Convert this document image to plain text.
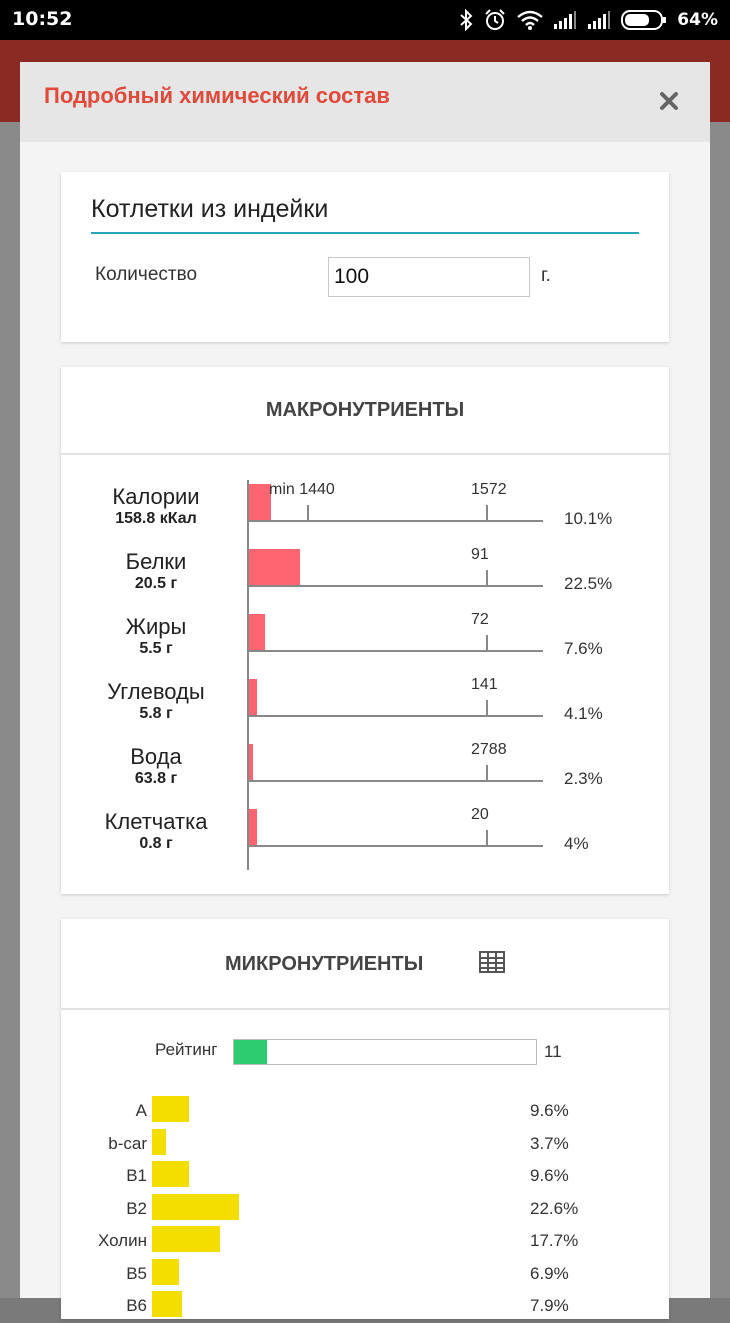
10:52	64%
Подробный химический состав
Котлетки из индейки
Количество
100	г.
МАКРОНУТРИЕНТЫ
Калории
158.8 кКал
min 1440	1572
10.1%
Белки
20.5 г
91
22.5%
Жиры
5.5 г
72
7.6%
Углеводы
5.8 г
141
4.1%
Вода
63.8 г
2788
2.3%
Клетчатка
0.8 г
20
4%
МИКРОНУТРИЕНТЫ
Рейтинг	11
A	9.6%
b-car	3.7%
B1	9.6%
B2	22.6%
Холин	17.7%
B5	6.9%
B6	7.9%
